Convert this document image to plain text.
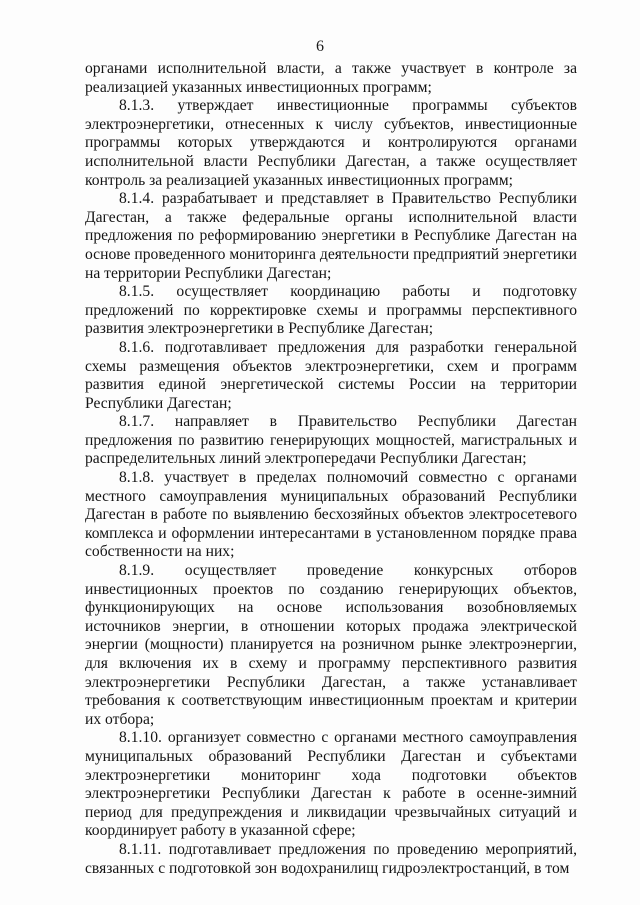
6

органами исполнительной власти, а также участвует в контроле за реализацией указанных инвестиционных программ;

8.1.3. утверждает инвестиционные программы субъектов электроэнергетики, отнесенных к числу субъектов, инвестиционные программы которых утверждаются и контролируются органами исполнительной власти Республики Дагестан, а также осуществляет контроль за реализацией указанных инвестиционных программ;

8.1.4. разрабатывает и представляет в Правительство Республики Дагестан, а также федеральные органы исполнительной власти предложения по реформированию энергетики в Республике Дагестан на основе проведенного мониторинга деятельности предприятий энергетики на территории Республики Дагестан;

8.1.5. осуществляет координацию работы и подготовку предложений по корректировке схемы и программы перспективного развития электроэнергетики в Республике Дагестан;

8.1.6. подготавливает предложения для разработки генеральной схемы размещения объектов электроэнергетики, схем и программ развития единой энергетической системы России на территории Республики Дагестан;

8.1.7. направляет в Правительство Республики Дагестан предложения по развитию генерирующих мощностей, магистральных и распределительных линий электропередачи Республики Дагестан;

8.1.8. участвует в пределах полномочий совместно с органами местного самоуправления муниципальных образований Республики Дагестан в работе по выявлению бесхозяйных объектов электросетевого комплекса и оформлении интересантами в установленном порядке права собственности на них;

8.1.9. осуществляет проведение конкурсных отборов инвестиционных проектов по созданию генерирующих объектов, функционирующих на основе использования возобновляемых источников энергии, в отношении которых продажа электрической энергии (мощности) планируется на розничном рынке электроэнергии, для включения их в схему и программу перспективного развития электроэнергетики Республики Дагестан, а также устанавливает требования к соответствующим инвестиционным проектам и критерии их отбора;

8.1.10. организует совместно с органами местного самоуправления муниципальных образований Республики Дагестан и субъектами электроэнергетики мониторинг хода подготовки объектов электроэнергетики Республики Дагестан к работе в осенне-зимний период для предупреждения и ликвидации чрезвычайных ситуаций и координирует работу в указанной сфере;

8.1.11. подготавливает предложения по проведению мероприятий, связанных с подготовкой зон водохранилищ гидроэлектростанций, в том
